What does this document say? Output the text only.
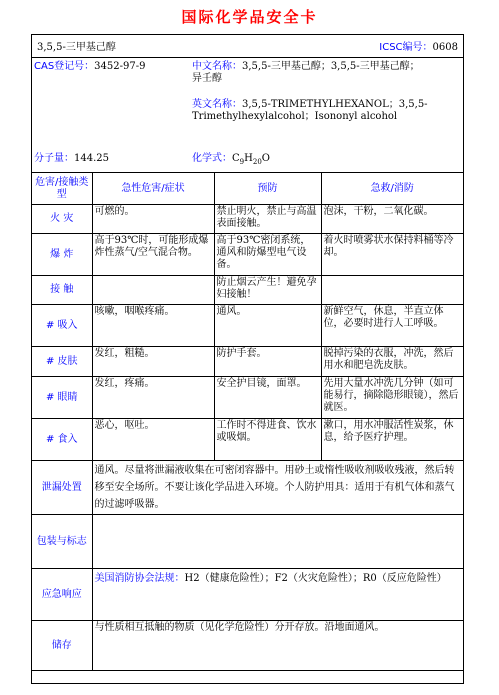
国际化学品安全卡
3,5,5-三甲基己醇	ICSC编号：0608
CAS登记号：3452-97-9	中文名称：3,5,5-三甲基己醇；3,5,5-三甲基己醇；
异壬醇
英文名称：3,5,5-TRIMETHYLHEXANOL；3,5,5-
Trimethylhexylalcohol；Isononyl alcohol
分子量：144.25	化学式：$C_9H_{20}O$
危害/接触类型	急性危害/症状	预防	急救/消防
火 灾	可燃的。	禁止明火，禁止与高温表面接触。	泡沫，干粉，二氧化碳。
爆 炸	高于93℃时，可能形成爆炸性蒸气/空气混合物。	高于93℃密闭系统，通风和防爆型电气设备。	着火时喷雾状水保持料桶等冷却。
接 触		防止烟云产生！避免孕妇接触！	
# 吸入	咳嗽，咽喉疼痛。	通风。	新鲜空气，休息，半直立体位，必要时进行人工呼吸。
# 皮肤	发红，粗糙。	防护手套。	脱掉污染的衣服，冲洗，然后用水和肥皂洗皮肤。
# 眼睛	发红，疼痛。	安全护目镜，面罩。	先用大量水冲洗几分钟（如可能易行，摘除隐形眼镜），然后就医。
# 食入	恶心，呕吐。	工作时不得进食、饮水或吸烟。	漱口，用水冲服活性炭浆，休息，给予医疗护理。
泄漏处置	通风。尽量将泄漏液收集在可密闭容器中。用砂土或惰性吸收剂吸收残液，然后转移至安全场所。不要让该化学品进入环境。个人防护用具：适用于有机气体和蒸气的过滤呼吸器。		
包装与标志			
应急响应	美国消防协会法规：H2（健康危险性）；F2（火灾危险性）；R0（反应危险性）		
储存	与性质相互抵触的物质（见化学危险性）分开存放。沿地面通风。		
